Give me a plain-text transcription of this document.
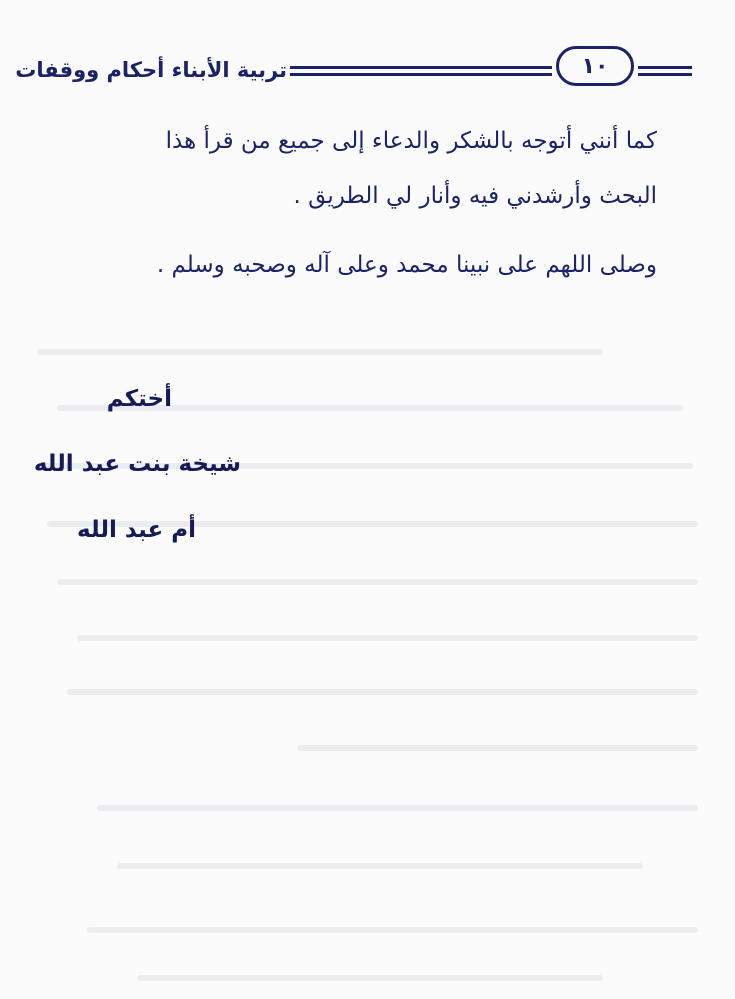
١٠
تربية الأبناء أحكام ووقفات
كما أنني أتوجه بالشكر والدعاء إلى جميع من قرأ هذا
البحث وأرشدني فيه وأنار لي الطريق .
وصلى اللهم على نبينا محمد وعلى آله وصحبه وسلم .
أختكم
شيخة بنت عبد الله
أم عبد الله
